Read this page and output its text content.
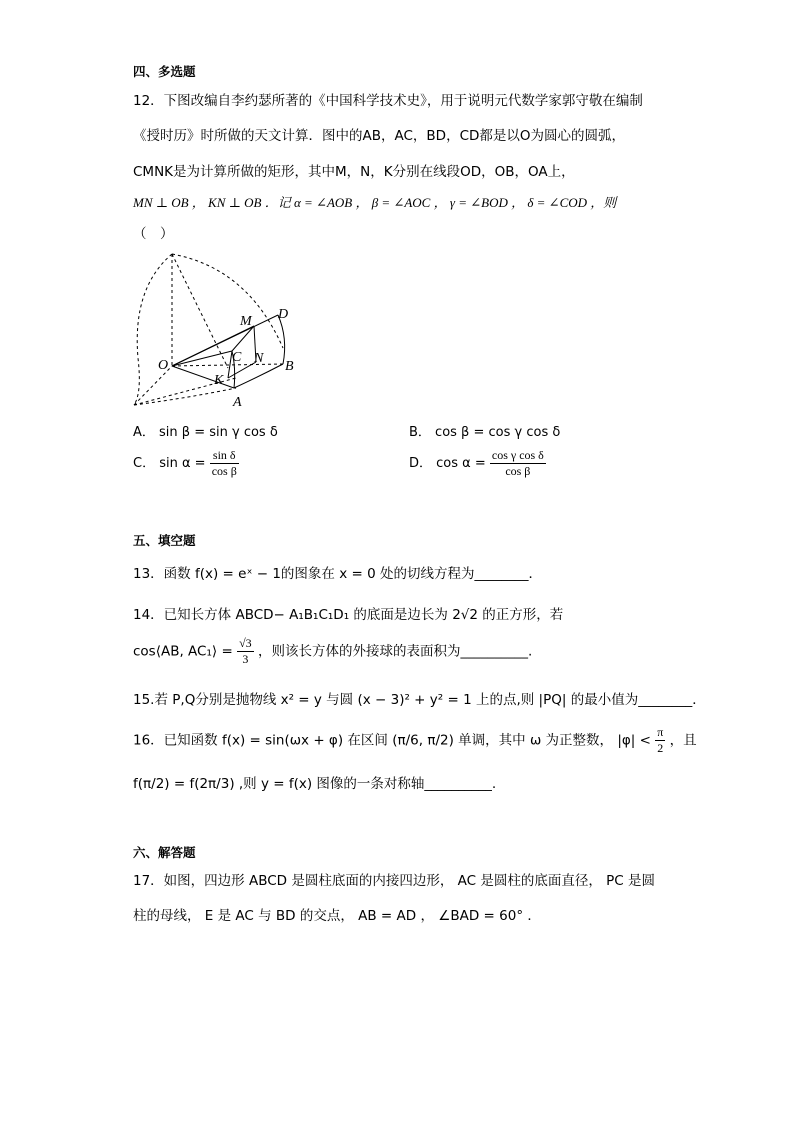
四、多选题
12．下图改编自李约瑟所著的《中国科学技术史》，用于说明元代数学家郭守敬在编制
《授时历》时所做的天文计算．图中的AB，AC，BD，CD都是以O为圆心的圆弧，
CMNK是为计算所做的矩形，其中M，N，K分别在线段OD，OB，OA上，
MN ⊥ OB ， KN ⊥ OB ．记 α = ∠AOB ， β = ∠AOC ， γ = ∠BOD ， δ = ∠COD ，则
（　）
O
A
B
C
D
M
N
K
A． sin β = sin γ cos δ	B． cos β = cos γ cos δ
C． $\sin \alpha = \frac{\text{sin δ}}{\text{cos β}}$	D． $\cos \alpha = \frac{\text{cos γ cos δ}}{\text{cos β}}$
五、填空题
13．函数 f(x) = eˣ − 1的图象在 x = 0 处的切线方程为________．
14．已知长方体 ABCD− A₁B₁C₁D₁ 的底面是边长为 2√2 的正方形，若
cos⟨AB, AC₁⟩ = $\frac{√3}{3}$ ，则该长方体的外接球的表面积为__________.
15.若 P,Q分别是抛物线 x² = y 与圆 (x − 3)² + y² = 1 上的点,则 |PQ| 的最小值为________．
16．已知函数 f(x) = sin(ωx + φ) 在区间 (π/6, π/2) 单调，其中 ω 为正整数， $|\varphi| < \frac{\pi}{2}$ ，且
f(π/2) = f(2π/3) ,则 y = f(x) 图像的一条对称轴__________.
六、解答题
17．如图，四边形 ABCD 是圆柱底面的内接四边形， AC 是圆柱的底面直径， PC 是圆
柱的母线， E 是 AC 与 BD 的交点， AB = AD ， ∠BAD = 60° ．
